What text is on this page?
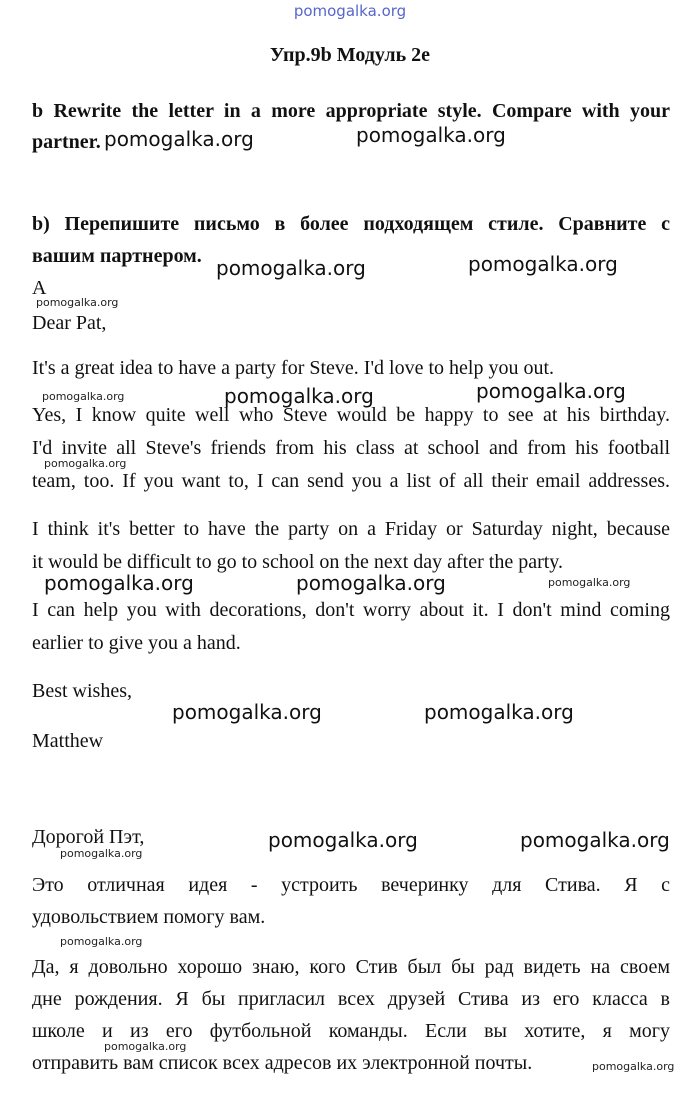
pomogalka.org
Упр.9b Модуль 2е
b Rewrite the letter in a more appropriate style. Compare with your
partner.
b) Перепишите письмо в более подходящем стиле. Сравните с
вашим партнером.
A
Dear Pat,
It's a great idea to have a party for Steve. I'd love to help you out.
Yes, I know quite well who Steve would be happy to see at his birthday.
I'd invite all Steve's friends from his class at school and from his football
team, too. If you want to, I can send you a list of all their email addresses.
I think it's better to have the party on a Friday or Saturday night, because
it would be difficult to go to school on the next day after the party.
I can help you with decorations, don't worry about it. I don't mind coming
earlier to give you a hand.
Best wishes,
Matthew
Дорогой Пэт,
Это отличная идея - устроить вечеринку для Стива. Я с
удовольствием помогу вам.
Да, я довольно хорошо знаю, кого Стив был бы рад видеть на своем
дне рождения. Я бы пригласил всех друзей Стива из его класса в
школе и из его футбольной команды. Если вы хотите, я могу
отправить вам список всех адресов их электронной почты.
pomogalka.org	pomogalka.org
pomogalka.org	pomogalka.org
pomogalka.org	pomogalka.org
pomogalka.org	pomogalka.org
pomogalka.org	pomogalka.org
pomogalka.org	pomogalka.org
pomogalka.org
pomogalka.org
pomogalka.org
pomogalka.org
pomogalka.org
pomogalka.org
pomogalka.org
pomogalka.org
